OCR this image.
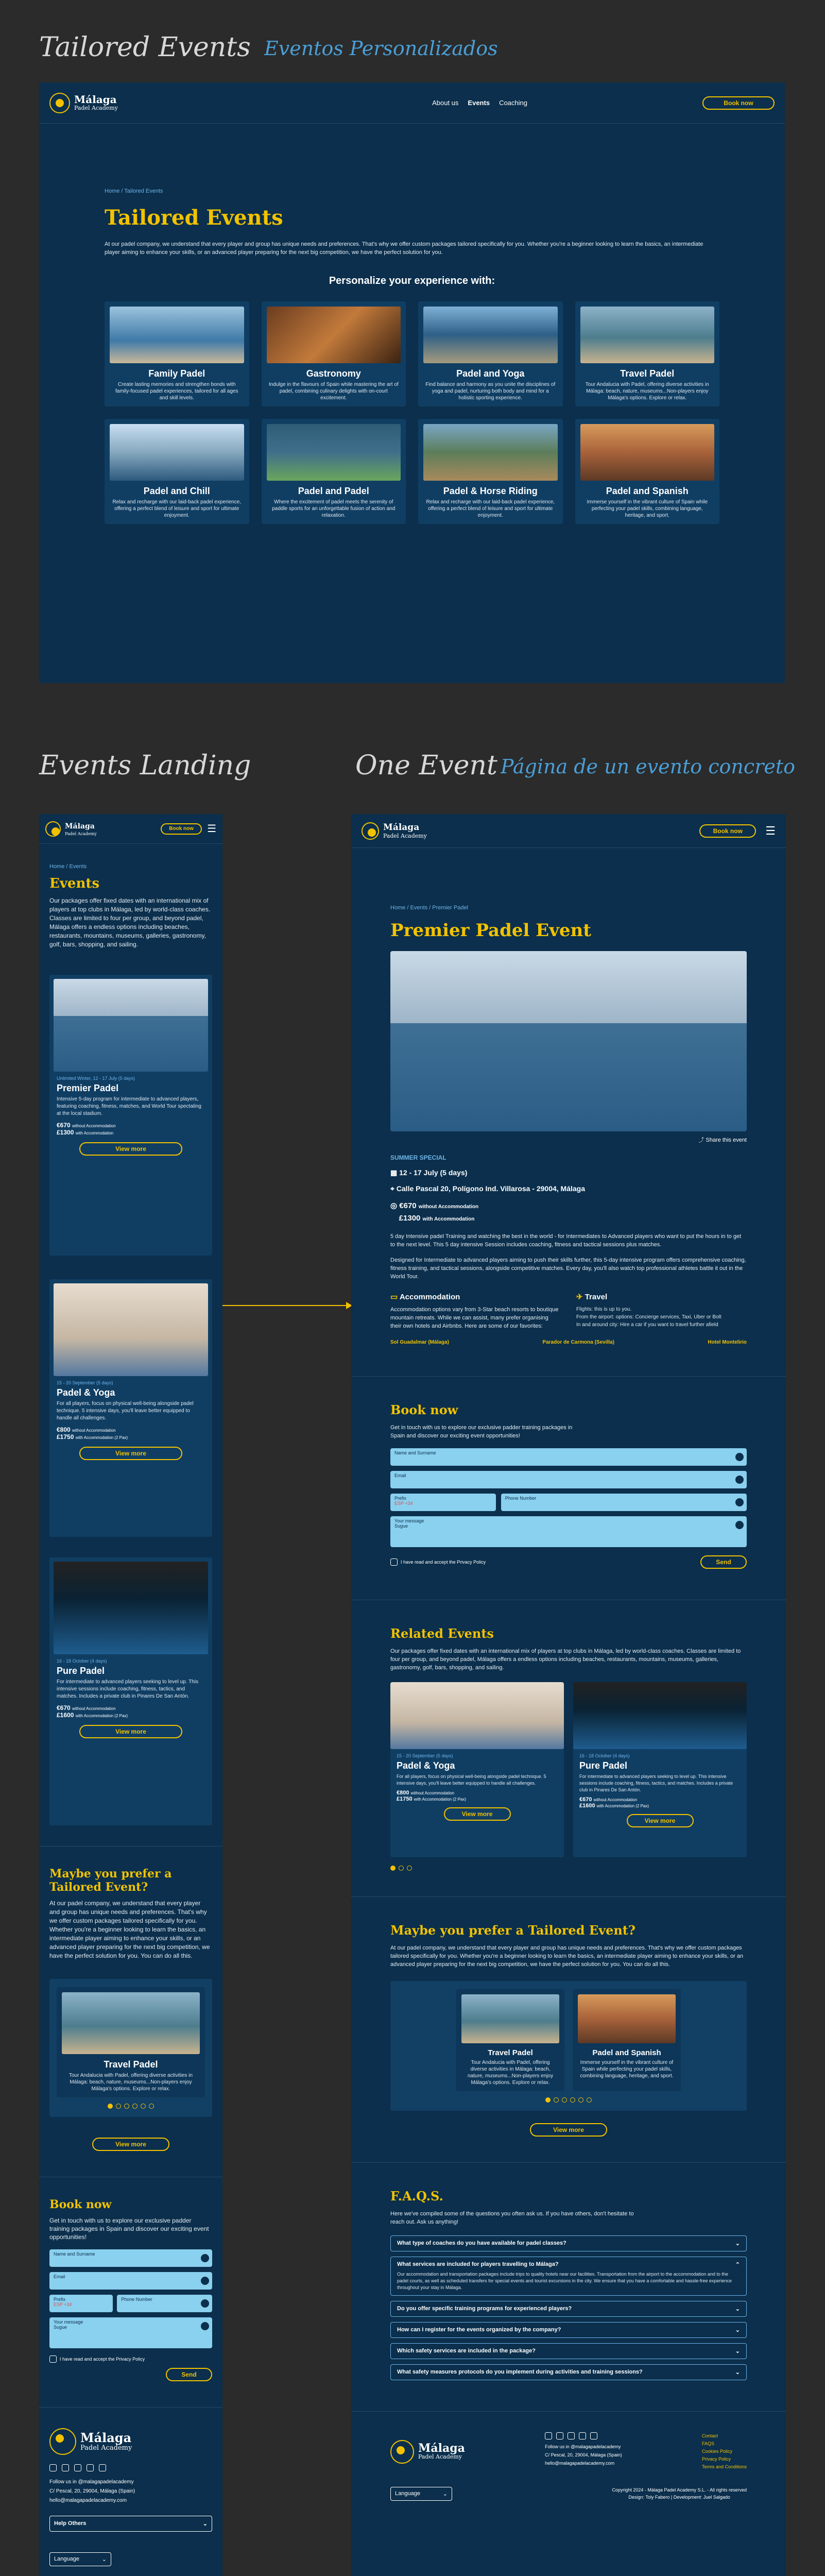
Tailored Events Eventos Personalizados
Málaga
Padel Academy
About us Events Coaching	Book now
Home / Tailored Events
Tailored Events

At our padel company, we understand that every player and group has unique needs and preferences. That's why we offer custom packages tailored specifically for you. Whether you're a beginner looking to learn the basics, an intermediate player aiming to enhance your skills, or an advanced player preparing for the next big competition, we have the perfect solution for you.

Personalize your experience with:
Family Padel
Create lasting memories and strengthen bonds with family-focused padel experiences, tailored for all ages and skill levels.
Gastronomy
Indulge in the flavours of Spain while mastering the art of padel, combining culinary delights with on-court excitement.
Padel and Yoga
Find balance and harmony as you unite the disciplines of yoga and padel, nurturing both body and mind for a holistic sporting experience.
Travel Padel
Tour Andalucia with Padel, offering diverse activities in Málaga: beach, nature, museums...Non-players enjoy Málaga's options. Explore or relax.
Padel and Chill
Relax and recharge with our laid-back padel experience, offering a perfect blend of leisure and sport for ultimate enjoyment.
Padel and Padel
Where the excitement of padel meets the serenity of paddle sports for an unforgettable fusion of action and relaxation.
Padel & Horse Riding
Relax and recharge with our laid-back padel experience, offering a perfect blend of leisure and sport for ultimate enjoyment.
Padel and Spanish
Immerse yourself in the vibrant culture of Spain while perfecting your padel skills, combining language, heritage, and sport.
Events Landing	One Event Página de un evento concreto
Málaga
Padel Academy
Book now	☰
Home / Events
Events

Our packages offer fixed dates with an international mix of players at top clubs in Málaga, led by world-class coaches. Classes are limited to four per group, and beyond padel, Málaga offers a endless options including beaches, restaurants, mountains, museums, galleries, gastronomy, golf, bars, shopping, and sailing.

Unlimited Winter, 12 - 17 July (5 days)
Premier Padel
Intensive 5-day program for intermediate to advanced players, featuring coaching, fitness, matches, and World Tour spectating at the local stadium.
€670 without Accommodation
£1300 with Accommodation
View more
15 - 20 September (5 days)
Padel & Yoga
For all players, focus on physical well-being alongside padel technique. 5 intensive days, you'll leave better equipped to handle all challenges.
€800 without Accommodation
£1750 with Accommodation (2 Pax)
View more
16 - 18 October (4 days)
Pure Padel
For intermediate to advanced players seeking to level up. This intensive sessions include coaching, fitness, tactics, and matches. Includes a private club in Pinares De San Antón.
€670 without Accommodation
£1600 with Accommodation (2 Pax)
View more
Maybe you prefer a Tailored Event?

At our padel company, we understand that every player and group has unique needs and preferences. That's why we offer custom packages tailored specifically for you. Whether you're a beginner looking to learn the basics, an intermediate player aiming to enhance your skills, or an advanced player preparing for the next big competition, we have the perfect solution for you. You can do all this.

Travel Padel
Tour Andalucia with Padel, offering diverse activities in Málaga: beach, nature, museums...Non-players enjoy Málaga's options. Explore or relax.
View more
Book now

Get in touch with us to explore our exclusive padder training packages in Spain and discover our exciting event opportunities!

Name and Surname
Email
Prefix
ESP +34
Phone Number
Your message
Sugue
I have read and accept the Privacy Policy
Send
Málaga
Padel Academy
Follow us in @malagapadelacademy
C/ Pescal, 20, 29004, Málaga (Spain)
hello@malagapadelacademy.com
Help Others	⌄
Language	⌄

Málaga
Padel Academy
Book now	☰
Home / Events / Premier Padel
Premier Padel Event
⤴ Share this event
SUMMER SPECIAL
▦ 12 - 17 July (5 days)
⌖ Calle Pascal 20, Polígono Ind. Villarosa - 29004, Málaga
◎ €670 without Accommodation
£1300 with Accommodation

5 day Intensive padel Training and watching the best in the world - for Intermediates to Advanced players who want to put the hours in to get to the next level. This 5 day intensive Session includes coaching, fitness and tactical sessions plus matches.

Designed for Intermediate to advanced players aiming to push their skills further, this 5-day intensive program offers comprehensive coaching, fitness training, and tactical sessions, alongside competitive matches. Every day, you'll also watch top professional athletes battle it out in the World Tour.

▭ Accommodation

Accommodation options vary from 3-Star beach resorts to boutique mountain retreats. While we can assist, many prefer organising their own hotels and Airbnbs. Here are some of our favorites:

✈ Travel
Flights: this is up to you.
From the airport: options: Concierge services, Taxi, Uber or Bolt
In and around city: Hire a car if you want to travel further afield
Sol Guadalmar (Málaga)	Parador de Carmona (Sevilla)	Hotel Montelirio
Book now

Get in touch with us to explore our exclusive padder training packages in Spain and discover our exciting event opportunities!

Name and Surname
Email
Prefix
ESP +34
Phone Number
Your message
Sugue
I have read and accept the Privacy Policy	Send
Related Events

Our packages offer fixed dates with an international mix of players at top clubs in Málaga, led by world-class coaches. Classes are limited to four per group, and beyond padel, Málaga offers a endless options including beaches, restaurants, mountains, museums, galleries, gastronomy, golf, bars, shopping, and sailing.

15 - 20 September (5 days)
Padel & Yoga
For all players, focus on physical well-being alongside padel technique. 5 intensive days, you'll leave better equipped to handle all challenges.
€800 without Accommodation
£1750 with Accommodation (2 Pax)
View more
16 - 18 October (4 days)
Pure Padel
For intermediate to advanced players seeking to level up. This intensive sessions include coaching, fitness, tactics, and matches. Includes a private club in Pinares De San Antón.
€670 without Accommodation
£1600 with Accommodation (2 Pax)
View more
Maybe you prefer a Tailored Event?

At our padel company, we understand that every player and group has unique needs and preferences. That's why we offer custom packages tailored specifically for you. Whether you're a beginner looking to learn the basics, an intermediate player aiming to enhance your skills, or an advanced player preparing for the next big competition, we have the perfect solution for you. You can do all this.

Travel Padel
Tour Andalucia with Padel, offering diverse activities in Málaga: beach, nature, museums...Non-players enjoy Málaga's options. Explore or relax.
Padel and Spanish
Immerse yourself in the vibrant culture of Spain while perfecting your padel skills, combining language, heritage, and sport.
View more
F.A.Q.S.

Here we've compiled some of the questions you often ask us. If you have others, don't hesitate to reach out. Ask us anything!

What type of coaches do you have available for padel classes?	⌄
What services are included for players travelling to Málaga?	⌃
Our accommodation and transportation packages include trips to quality hotels near our facilities. Transportation from the airport to the accommodation and to the padel courts, as well as scheduled transfers for special events and tourist excursions in the city. We ensure that you have a comfortable and hassle-free experience throughout your stay in Málaga.
Do you offer specific training programs for experienced players?	⌄
How can I register for the events organized by the company?	⌄
Which safety services are included in the package?	⌄
What safety measures protocols do you implement during activities and training sessions?	⌄
Málaga
Padel Academy
Follow us in @malagapadelacademy
C/ Pescal, 20, 29004, Málaga (Spain)
hello@malagapadelacademy.com
Contact
FAQS
Cookies Policy
Privacy Policy
Terms and Conditions
Language	⌄
Copyright 2024 - Málaga Padel Academy S.L. - All rights reserved
Design: Toly Fabero | Development: Juel Salgado
